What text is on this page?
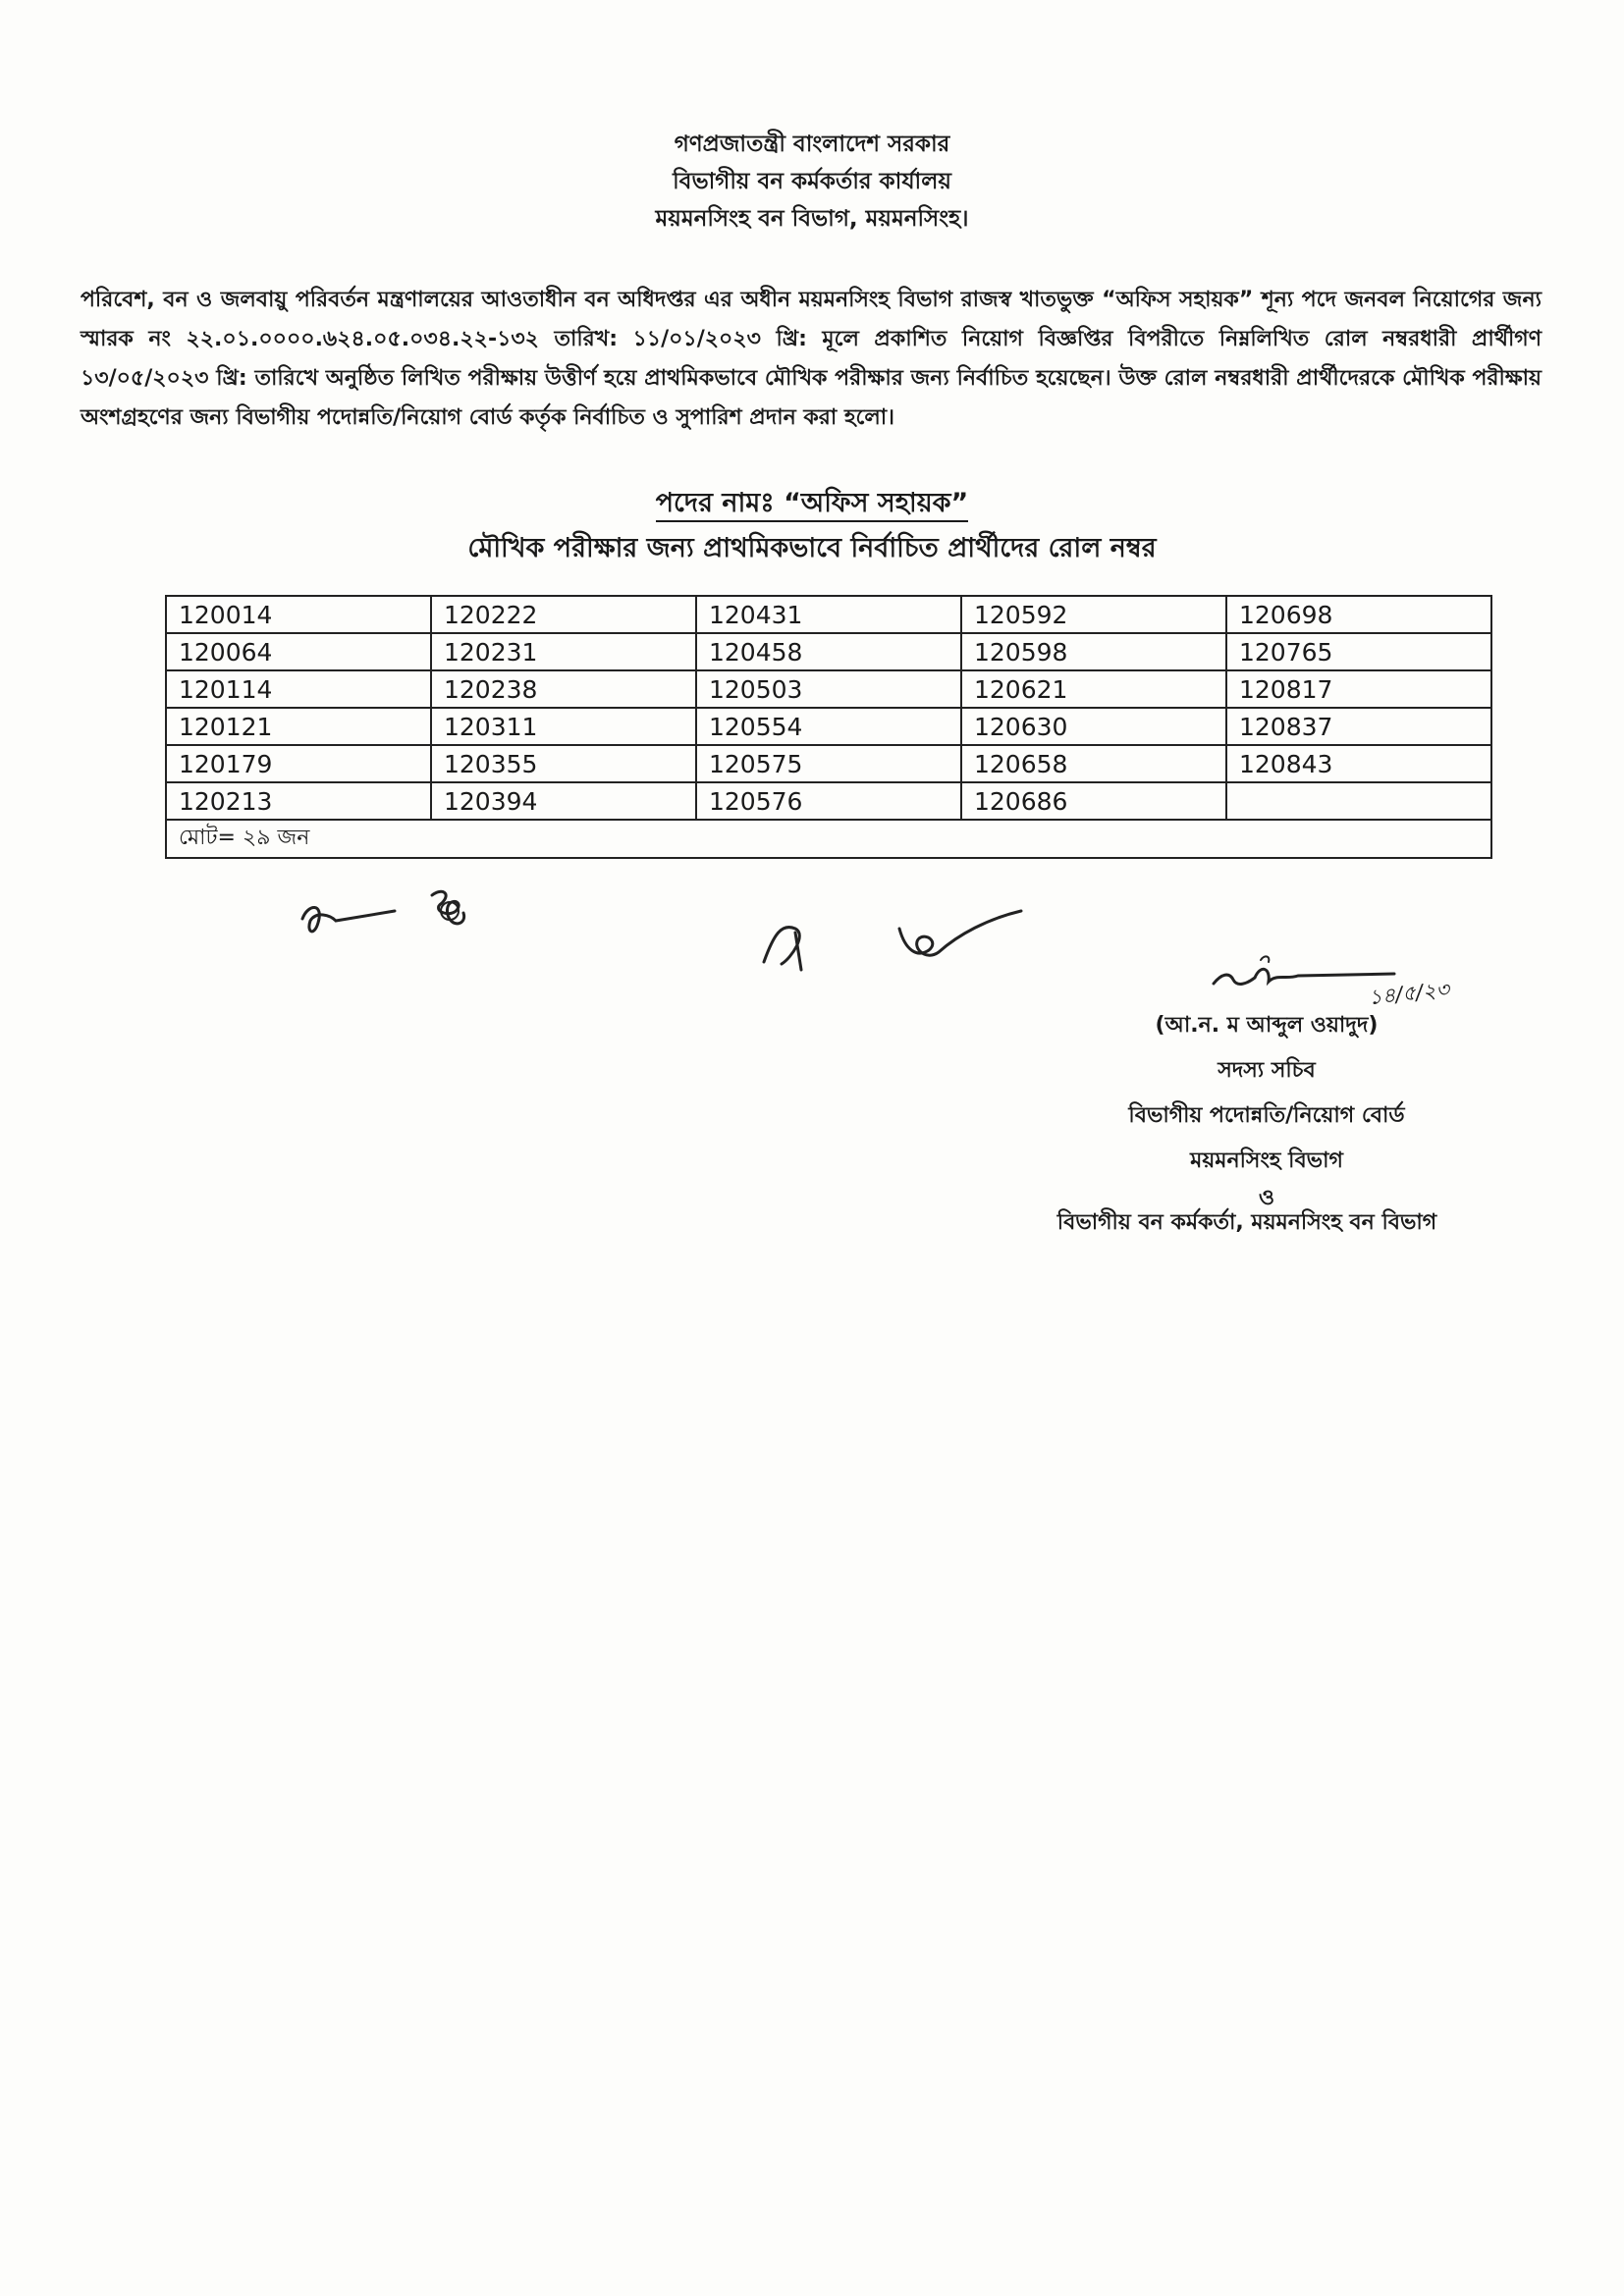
গণপ্রজাতন্ত্রী বাংলাদেশ সরকার
বিভাগীয় বন কর্মকর্তার কার্যালয়
ময়মনসিংহ বন বিভাগ, ময়মনসিংহ।
পরিবেশ, বন ও জলবায়ু পরিবর্তন মন্ত্রণালয়ের আওতাধীন বন অধিদপ্তর এর অধীন ময়মনসিংহ বিভাগ রাজস্ব খাতভুক্ত “অফিস সহায়ক” শূন্য পদে জনবল নিয়োগের জন্য স্মারক নং ২২.০১.০০০০.৬২৪.০৫.০৩৪.২২-১৩২ তারিখ: ১১/০১/২০২৩ খ্রি: মূলে প্রকাশিত নিয়োগ বিজ্ঞপ্তির বিপরীতে নিম্নলিখিত রোল নম্বরধারী প্রার্থীগণ ১৩/০৫/২০২৩ খ্রি: তারিখে অনুষ্ঠিত লিখিত পরীক্ষায় উত্তীর্ণ হয়ে প্রাথমিকভাবে মৌখিক পরীক্ষার জন্য নির্বাচিত হয়েছেন। উক্ত রোল নম্বরধারী প্রার্থীদেরকে মৌখিক পরীক্ষায় অংশগ্রহণের জন্য বিভাগীয় পদোন্নতি/নিয়োগ বোর্ড কর্তৃক নির্বাচিত ও সুপারিশ প্রদান করা হলো।
পদের নামঃ “অফিস সহায়ক”
মৌখিক পরীক্ষার জন্য প্রাথমিকভাবে নির্বাচিত প্রার্থীদের রোল নম্বর
120014	120222	120431	120592	120698
120064	120231	120458	120598	120765
120114	120238	120503	120621	120817
120121	120311	120554	120630	120837
120179	120355	120575	120658	120843
120213	120394	120576	120686	
মোট= ২৯ জন				
১৪/৫/২৩
(আ.ন. ম আব্দুল ওয়াদুদ)
সদস্য সচিব
বিভাগীয় পদোন্নতি/নিয়োগ বোর্ড
ময়মনসিংহ বিভাগ
ও
বিভাগীয় বন কর্মকর্তা, ময়মনসিংহ বন বিভাগ
